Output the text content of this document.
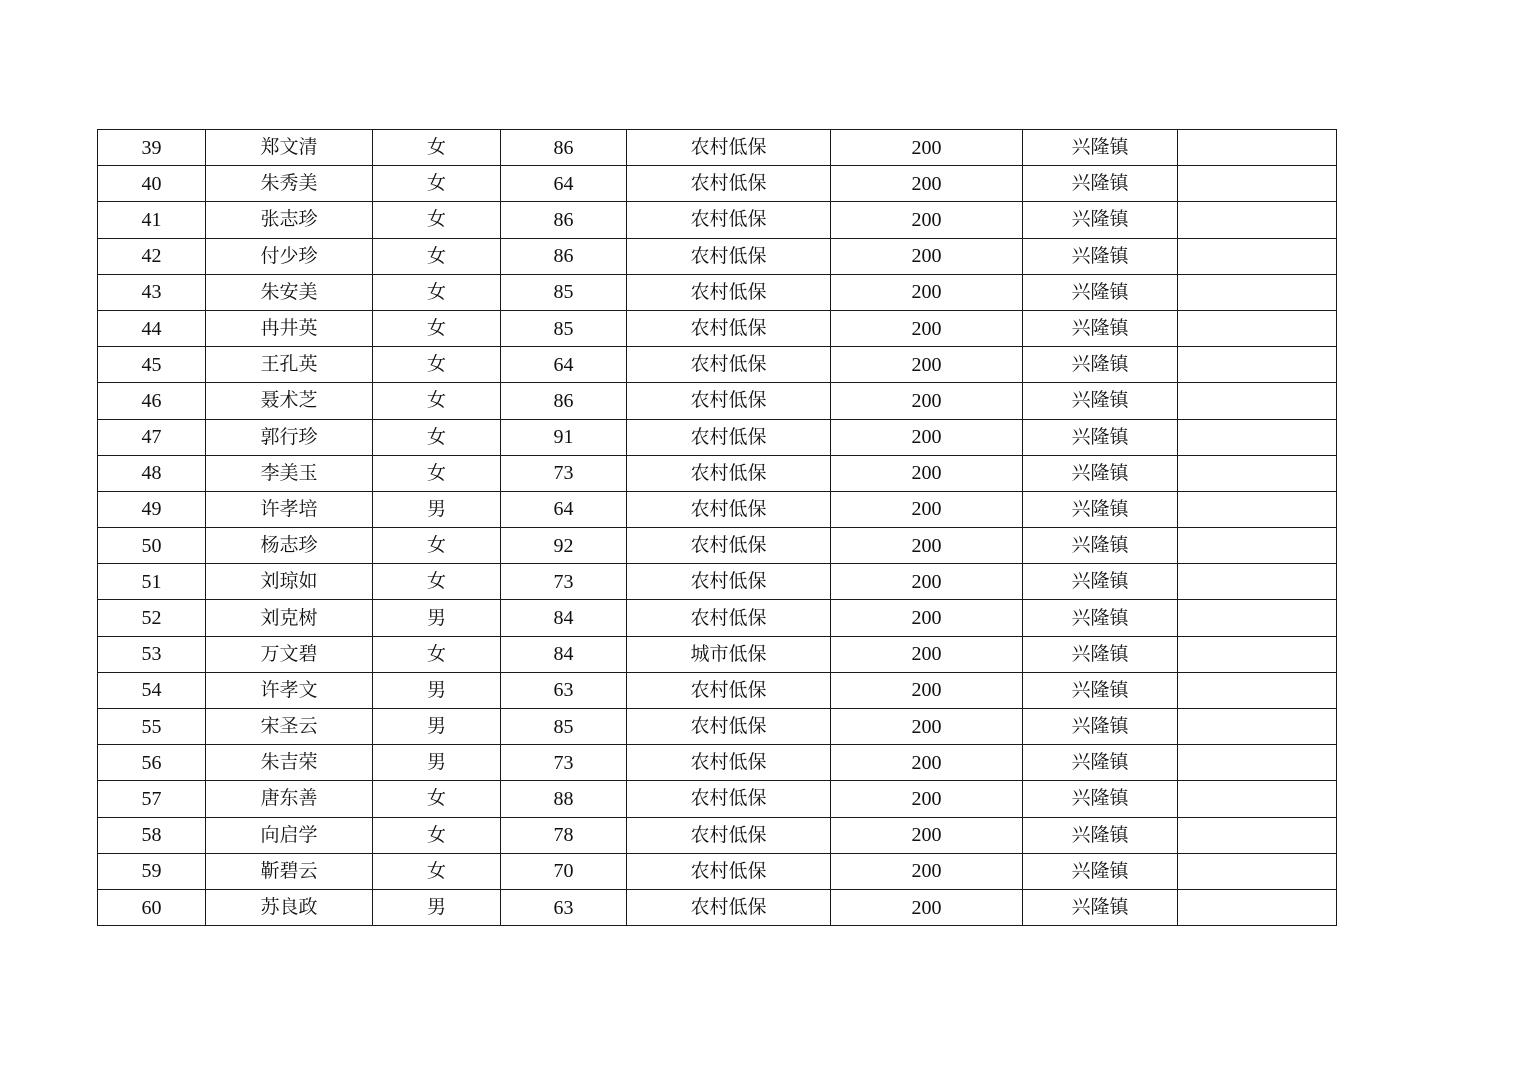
39	郑文清	女	86	农村低保	200	兴隆镇	
40	朱秀美	女	64	农村低保	200	兴隆镇	
41	张志珍	女	86	农村低保	200	兴隆镇	
42	付少珍	女	86	农村低保	200	兴隆镇	
43	朱安美	女	85	农村低保	200	兴隆镇	
44	冉井英	女	85	农村低保	200	兴隆镇	
45	王孔英	女	64	农村低保	200	兴隆镇	
46	聂术芝	女	86	农村低保	200	兴隆镇	
47	郭行珍	女	91	农村低保	200	兴隆镇	
48	李美玉	女	73	农村低保	200	兴隆镇	
49	许孝培	男	64	农村低保	200	兴隆镇	
50	杨志珍	女	92	农村低保	200	兴隆镇	
51	刘琼如	女	73	农村低保	200	兴隆镇	
52	刘克树	男	84	农村低保	200	兴隆镇	
53	万文碧	女	84	城市低保	200	兴隆镇	
54	许孝文	男	63	农村低保	200	兴隆镇	
55	宋圣云	男	85	农村低保	200	兴隆镇	
56	朱吉荣	男	73	农村低保	200	兴隆镇	
57	唐东善	女	88	农村低保	200	兴隆镇	
58	向启学	女	78	农村低保	200	兴隆镇	
59	靳碧云	女	70	农村低保	200	兴隆镇	
60	苏良政	男	63	农村低保	200	兴隆镇	
